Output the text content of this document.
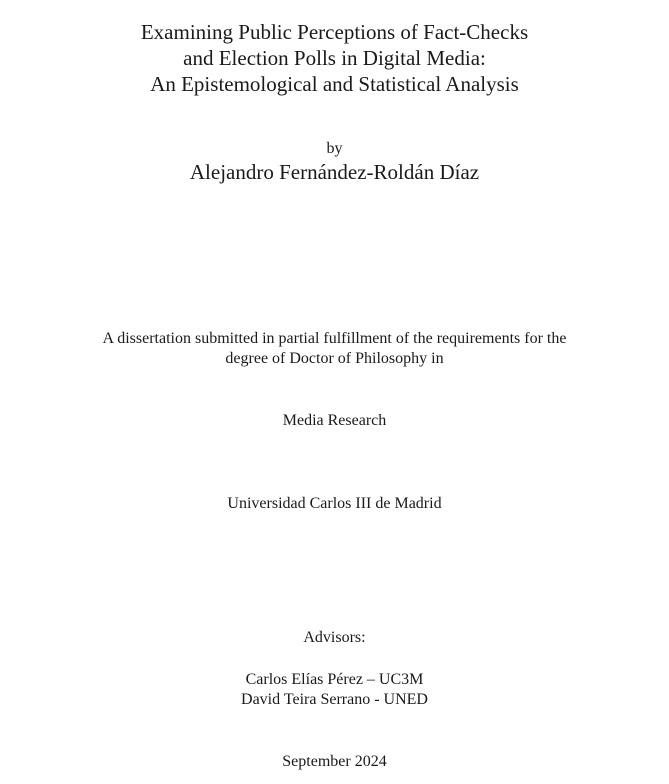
Examining Public Perceptions of Fact-Checks
and Election Polls in Digital Media:
An Epistemological and Statistical Analysis
by
Alejandro Fernández-Roldán Díaz
A dissertation submitted in partial fulfillment of the requirements for the
degree of Doctor of Philosophy in
Media Research
Universidad Carlos III de Madrid
Advisors:
Carlos Elías Pérez – UC3M
David Teira Serrano - UNED
September 2024
